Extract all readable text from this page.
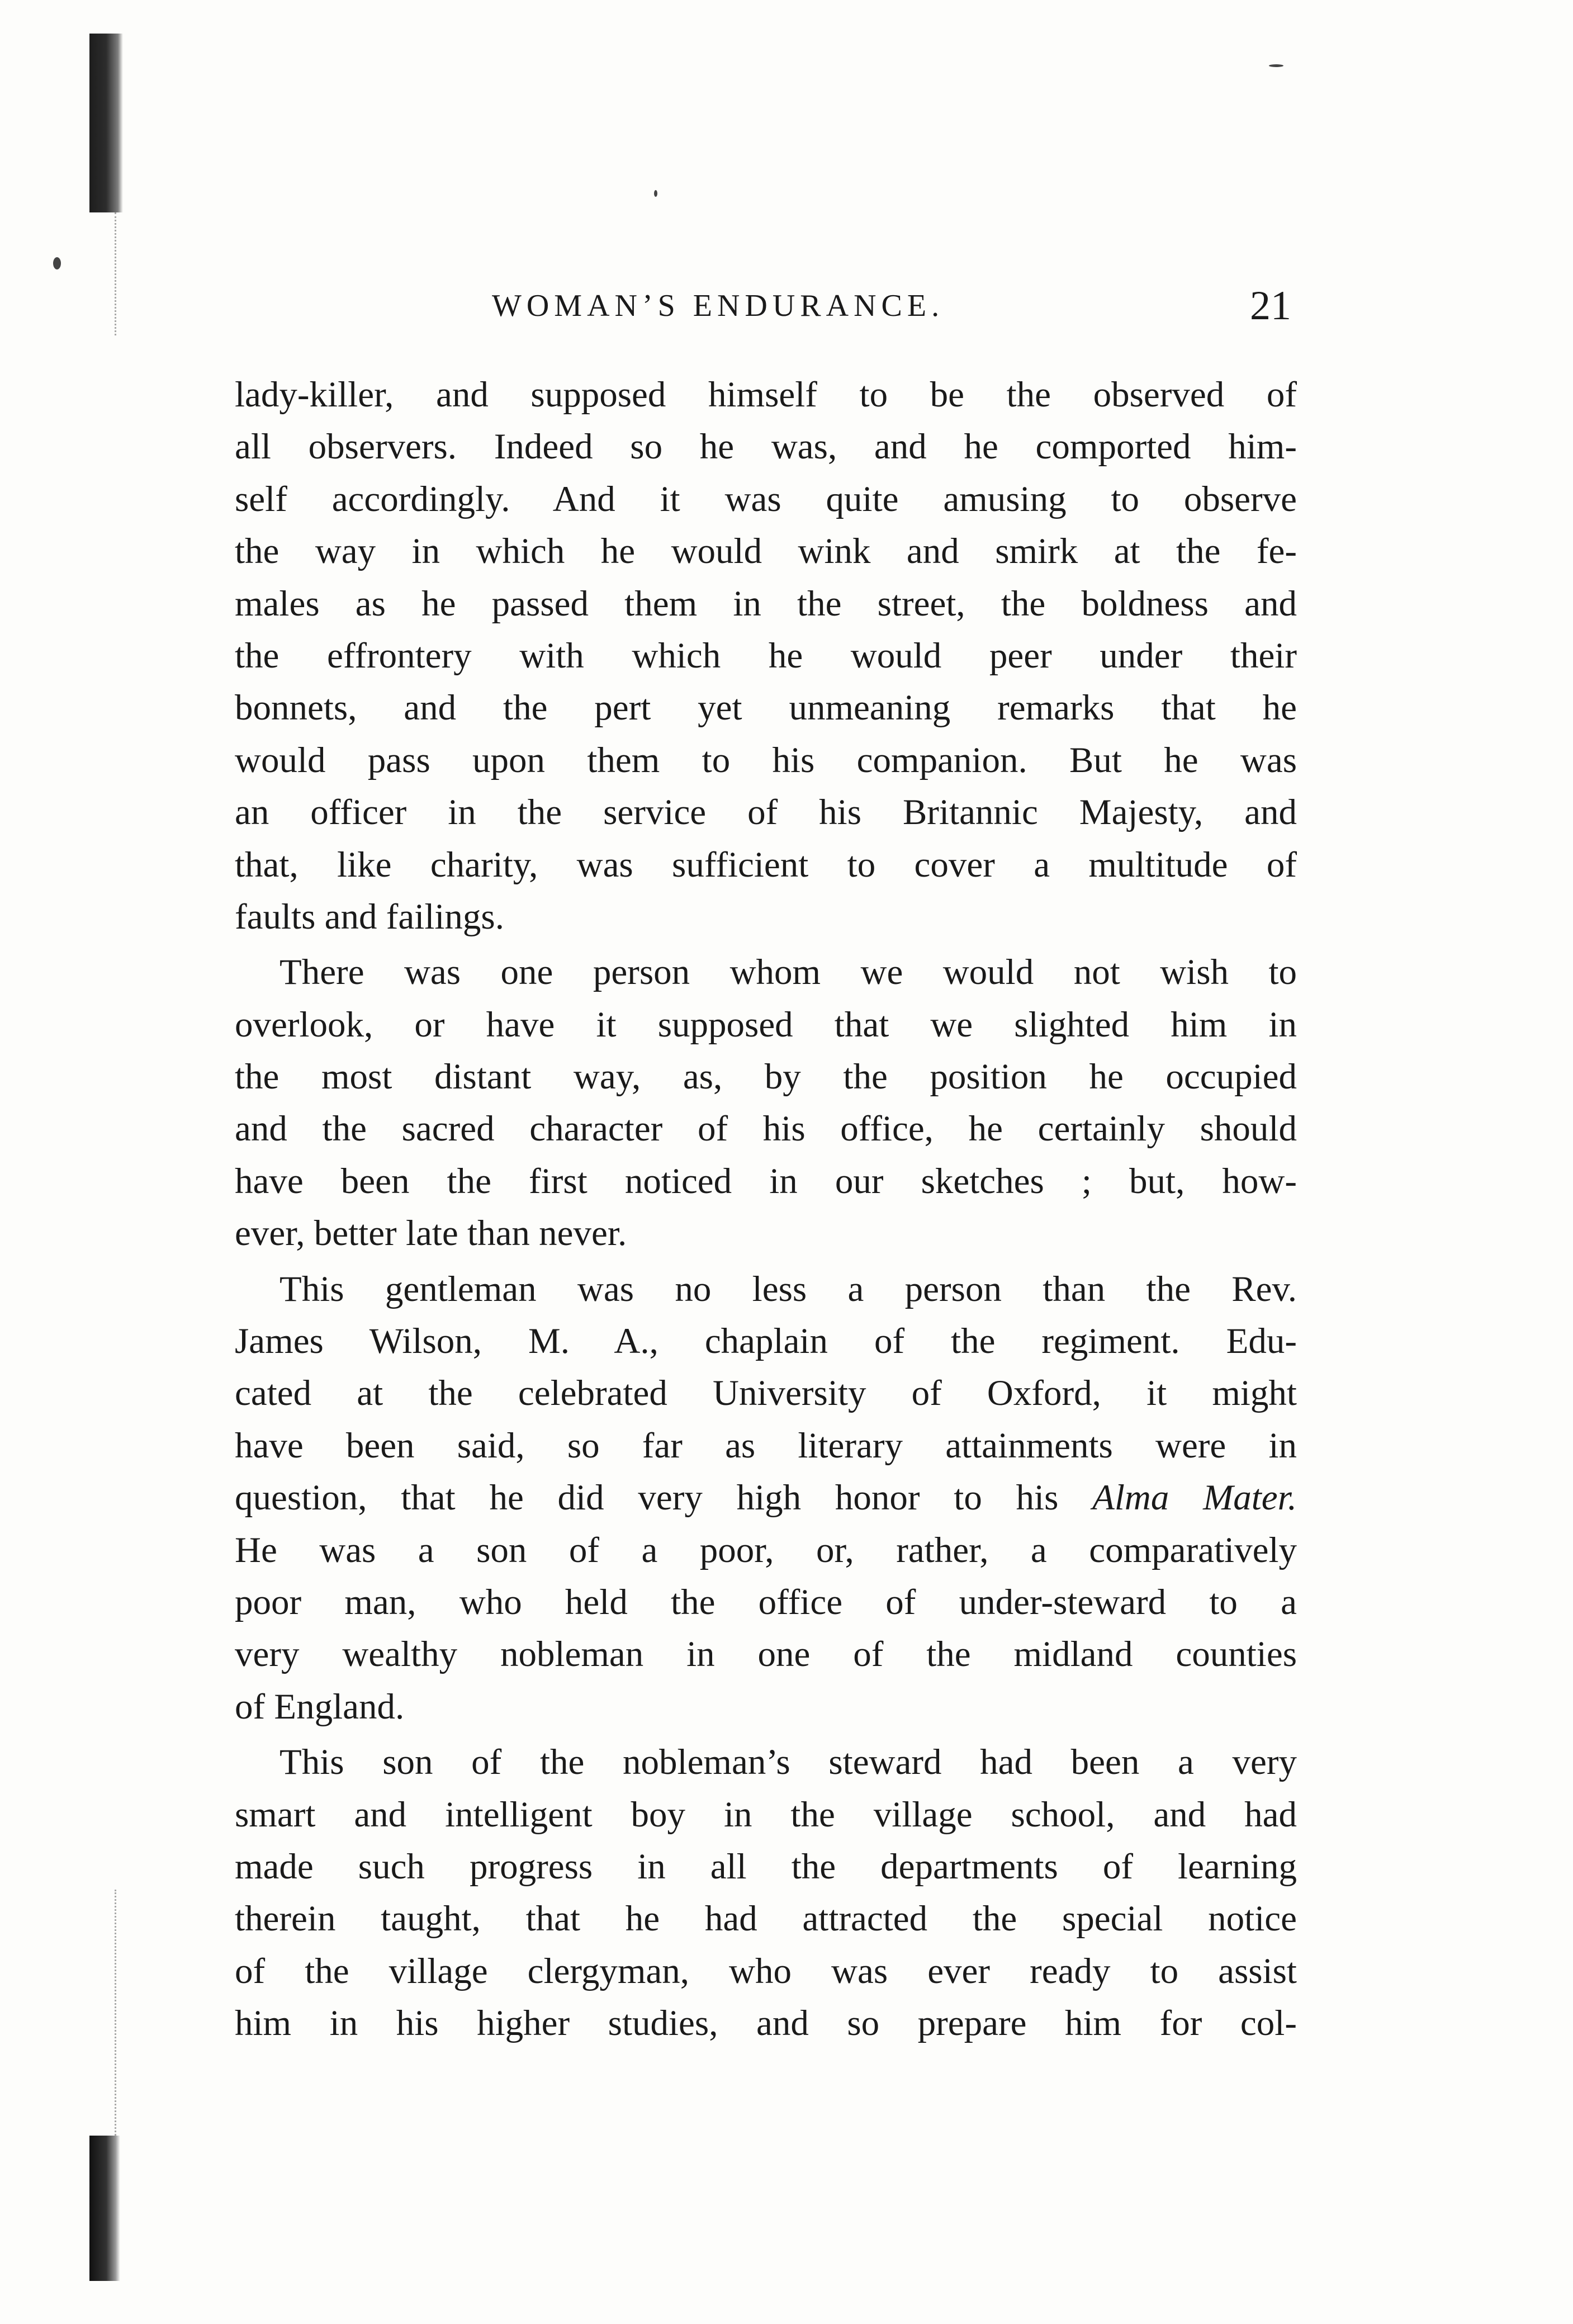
WOMAN’S ENDURANCE.	21
lady-killer, and supposed himself to be the observed of
all observers. Indeed so he was, and he comported him-
self accordingly. And it was quite amusing to observe
the way in which he would wink and smirk at the fe-
males as he passed them in the street, the boldness and
the effrontery with which he would peer under their
bonnets, and the pert yet unmeaning remarks that he
would pass upon them to his companion. But he was
an officer in the service of his Britannic Majesty, and
that, like charity, was sufficient to cover a multitude of
faults and failings.
There was one person whom we would not wish to
overlook, or have it supposed that we slighted him in
the most distant way, as, by the position he occupied
and the sacred character of his office, he certainly should
have been the first noticed in our sketches ; but, how-
ever, better late than never.
This gentleman was no less a person than the Rev.
James Wilson, M. A., chaplain of the regiment. Edu-
cated at the celebrated University of Oxford, it might
have been said, so far as literary attainments were in
question, that he did very high honor to his Alma Mater.
He was a son of a poor, or, rather, a comparatively
poor man, who held the office of under-steward to a
very wealthy nobleman in one of the midland counties
of England.
This son of the nobleman’s steward had been a very
smart and intelligent boy in the village school, and had
made such progress in all the departments of learning
therein taught, that he had attracted the special notice
of the village clergyman, who was ever ready to assist
him in his higher studies, and so prepare him for col-
